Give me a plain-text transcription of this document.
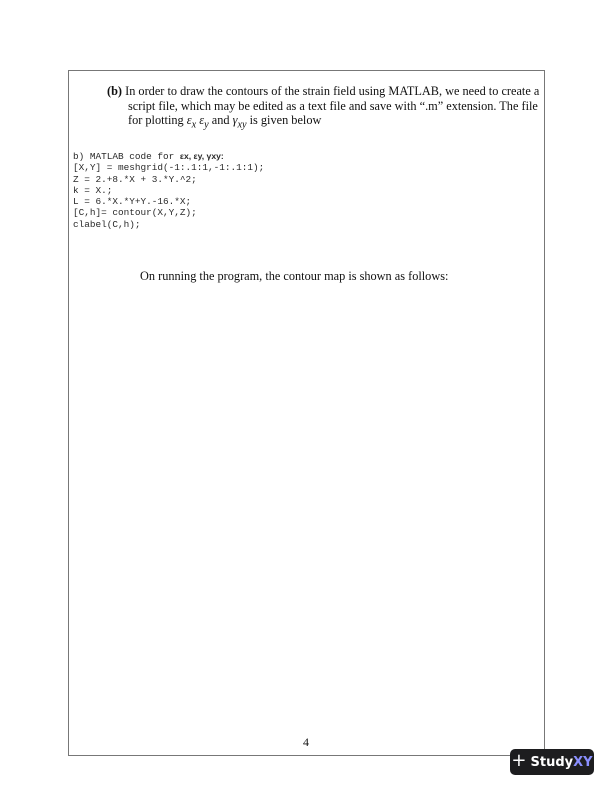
(b) In order to draw the contours of the strain field using MATLAB, we need to create a script file, which may be edited as a text file and save with “.m” extension. The file for plotting $\varepsilon_x$ $\varepsilon_y$ and $\gamma_{xy}$ is given below
b) MATLAB code for εx, εy, γxy:
[X,Y] = meshgrid(-1:.1:1,-1:.1:1);
Z = 2.+8.*X + 3.*Y.^2;
k = X.;
L = 6.*X.*Y+Y.-16.*X;
[C,h]= contour(X,Y,Z);
clabel(C,h);
On running the program, the contour map is shown as follows:
4
+ StudyXY
